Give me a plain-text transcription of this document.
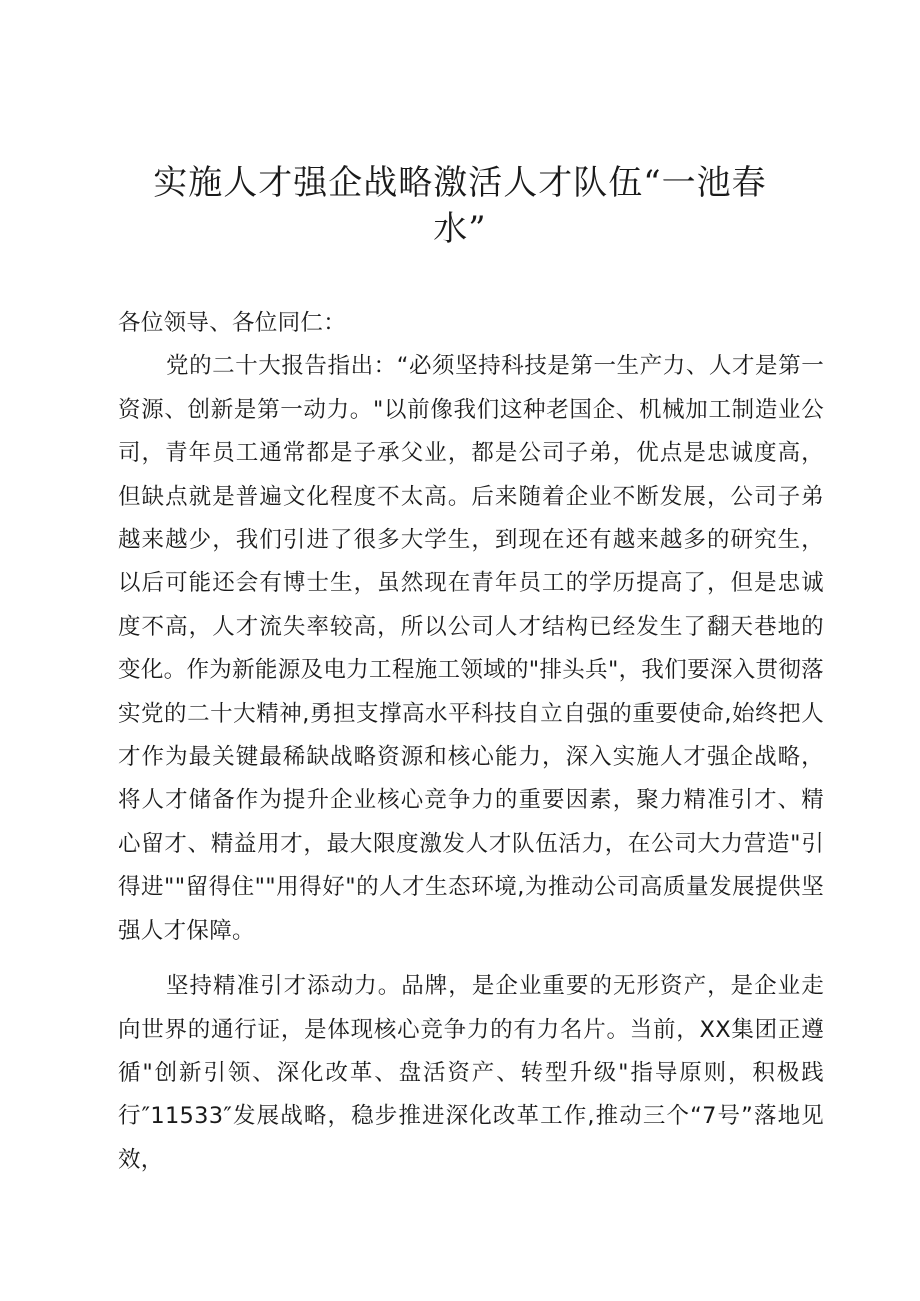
实施人才强企战略激活人才队伍“一池春
水”

各位领导、各位同仁：

党的二十大报告指出：“必须坚持科技是第一生产力、人才是第一资源、创新是第一动力。"以前像我们这种老国企、机械加工制造业公司，青年员工通常都是子承父业，都是公司子弟，优点是忠诚度高，但缺点就是普遍文化程度不太高。后来随着企业不断发展，公司子弟越来越少，我们引进了很多大学生，到现在还有越来越多的研究生，以后可能还会有博士生，虽然现在青年员工的学历提高了，但是忠诚度不高，人才流失率较高，所以公司人才结构已经发生了翻天巷地的变化。作为新能源及电力工程施工领域的"排头兵"，我们要深入贯彻落实党的二十大精神,勇担支撑高水平科技自立自强的重要使命,始终把人才作为最关键最稀缺战略资源和核心能力，深入实施人才强企战略，将人才储备作为提升企业核心竞争力的重要因素，聚力精准引才、精心留才、精益用才，最大限度激发人才队伍活力，在公司大力营造"引得进""留得住""用得好"的人才生态环境,为推动公司高质量发展提供坚强人才保障。

坚持精准引才添动力。品牌，是企业重要的无形资产，是企业走向世界的通行证，是体现核心竞争力的有力名片。当前，XX集团正遵循"创新引领、深化改革、盘活资产、转型升级"指导原则，积极践行″11533″发展战略，稳步推进深化改革工作,推动三个“7号”落地见效，
